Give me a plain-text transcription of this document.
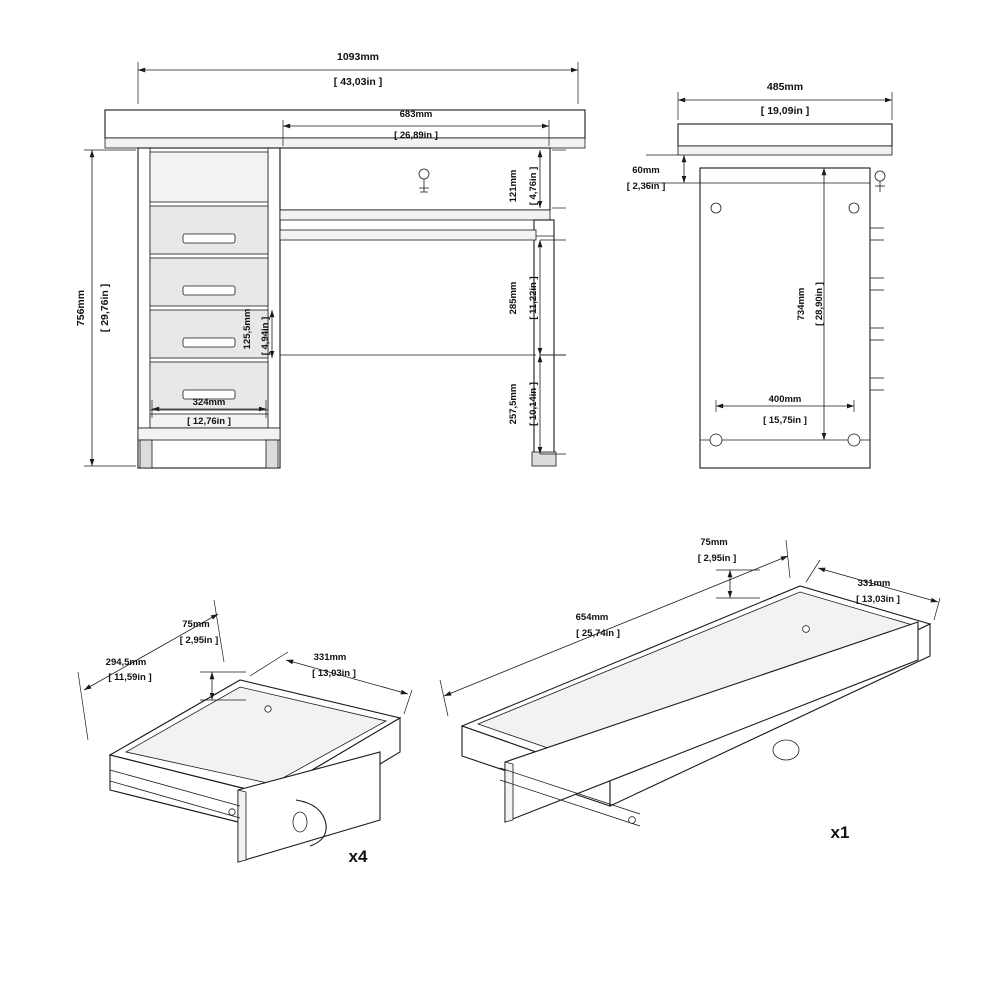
1093mm
[ 43,03in ]
683mm
[ 26,89in ]
756mm [ 29,76in ]
121mm [ 4,76in ]
285mm [ 11,22in ]
257,5mm [ 10,14in ]
125,5mm [ 4,94in ]
324mm
[ 12,76in ]
485mm
[ 19,09in ]
60mm
[ 2,36in ]
734mm [ 28,90in ]
400mm
[ 15,75in ]
294,5mm
[ 11,59in ]
75mm
[ 2,95in ]
331mm
[ 13,03in ]
x4
75mm
[ 2,95in ]
654mm
[ 25,74in ]
331mm
[ 13,03in ]
x1
